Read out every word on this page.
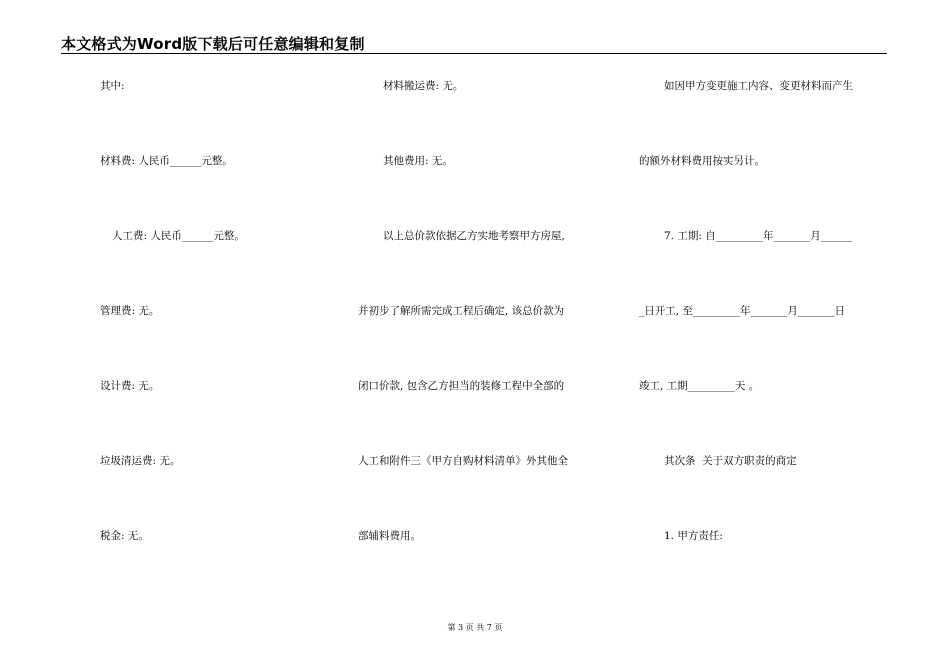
本文格式为Word版下载后可任意编辑和复制
其中:
材料费: 人民币______元整。
人工费: 人民币______元整。
管理费: 无。
设计费: 无。
垃圾清运费: 无。
税金: 无。
材料搬运费: 无。
其他费用: 无。
以上总价款依据乙方实地考察甲方房屋,
并初步了解所需完成工程后确定, 该总价款为
闭口价款, 包含乙方担当的装修工程中全部的
人工和附件三《甲方自购材料清单》外其他全
部辅料费用。
如因甲方变更施工内容、变更材料而产生
的额外材料费用按实另计。
7. 工期: 自_________年_______月______
_日开工, 至_________年_______月_______日
竣工, 工期_________天 。
其次条  关于双方职责的商定
1. 甲方责任:
第 3 页 共 7 页
